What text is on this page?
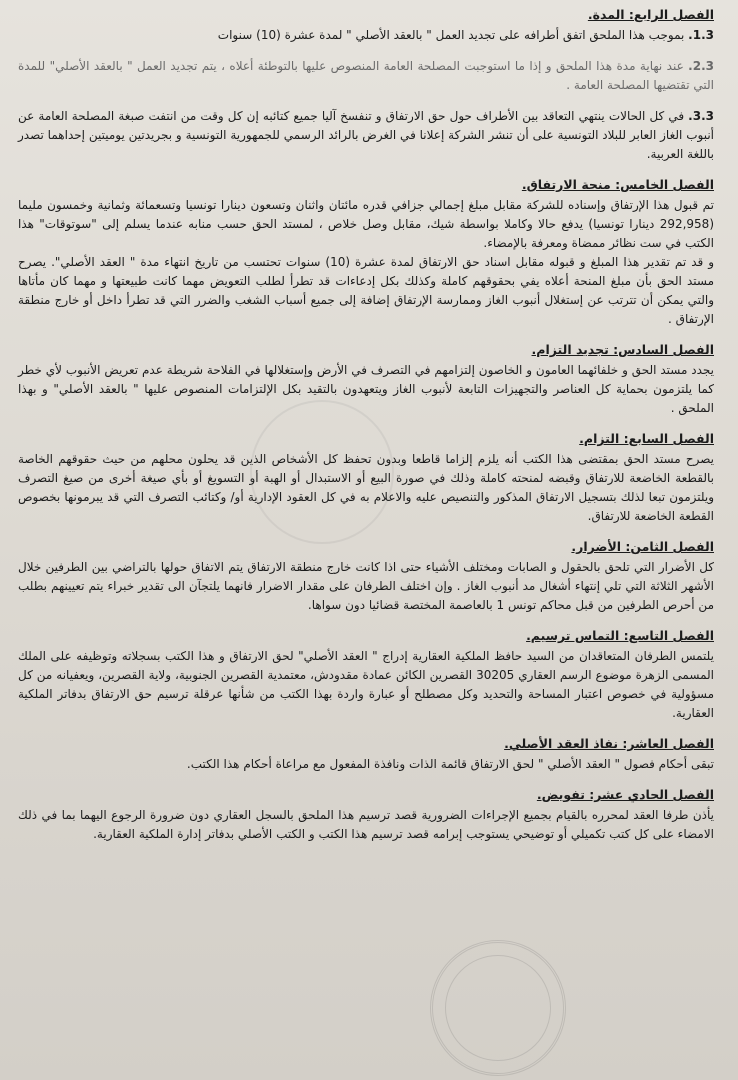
الفصل الرابع: المدة.

1.3. بموجب هذا الملحق اتفق أطرافه على تجديد العمل " بالعقد الأصلي " لمدة عشرة (10) سنوات

2.3. عند نهاية مدة هذا الملحق و إذا ما استوجبت المصلحة العامة المنصوص عليها بالتوطئة أعلاه ، يتم تجديد العمل " بالعقد الأصلي" للمدة التي تقتضيها المصلحة العامة .

3.3. في كل الحالات ينتهي التعاقد بين الأطراف حول حق الارتفاق و تنفسخ آليا جميع كتائبه إن كل وقت من انتفت صبغة المصلحة العامة عن أنبوب الغاز العابر للبلاد التونسية على أن تنشر الشركة إعلانا في الغرض بالرائد الرسمي للجمهورية التونسية و بجريدتين يوميتين إحداهما تصدر باللغة العربية.

الفصل الخامس: منحة الارتفاق.

تم قبول هذا الإرتفاق وإسناده للشركة مقابل مبلغ إجمالي جزافي قدره مائتان واثنان وتسعون دينارا تونسيا وتسعمائة وثمانية وخمسون مليما (292,958 دينارا تونسيا) يدفع حالا وكاملا بواسطة شيك، مقابل وصل خلاص ، لمستد الحق حسب منابه عندما يسلم إلى "سوتوقات" هذا الكتب في ست نظائر ممضاة ومعرفة بالإمضاء.

و قد تم تقدير هذا المبلغ و قبوله مقابل اسناد حق الارتفاق لمدة عشرة (10) سنوات تحتسب من تاريخ انتهاء مدة " العقد الأصلي". يصرح مستد الحق بأن مبلغ المنحة أعلاه يفي بحقوقهم كاملة وكذلك بكل إدعاءات قد تطرأ لطلب التعويض مهما كانت طبيعتها و مهما كان مأتاها والتي يمكن أن تترتب عن إستغلال أنبوب الغاز وممارسة الإرتفاق إضافة إلى جميع أسباب الشغب والضرر التي قد تطرأ داخل أو خارج منطقة الإرتفاق .

الفصل السادس: تجديد التزام.

يجدد مستد الحق و خلفائهما العامون و الخاصون إلتزامهم في التصرف في الأرض وإستغلالها في الفلاحة شريطة عدم تعريض الأنبوب لأي خطر كما يلتزمون بحماية كل العناصر والتجهيزات التابعة لأنبوب الغاز ويتعهدون بالتقيد بكل الإلتزامات المنصوص عليها " بالعقد الأصلي" و بهذا الملحق .

الفصل السابع: التزام.

يصرح مستد الحق بمقتضى هذا الكتب أنه يلزم إلزاما قاطعا وبدون تحفظ كل الأشخاص الذين قد يحلون محلهم من حيث حقوقهم الخاصة بالقطعة الخاضعة للارتفاق وقبضه لمنحته كاملة وذلك في صورة البيع أو الاستبدال أو الهبة أو التسويغ أو بأي صيغة أخرى من صيغ التصرف ويلتزمون تبعا لذلك بتسجيل الارتفاق المذكور والتنصيص عليه والاعلام به في كل العقود الإدارية أو/ وكتائب التصرف التي قد يبرمونها بخصوص القطعة الخاضعة للارتفاق.

الفصل الثامن: الأضرار.

كل الأضرار التي تلحق بالحقول و الصابات ومختلف الأشياء حتى اذا كانت خارج منطقة الارتفاق يتم الاتفاق حولها بالتراضي بين الطرفين خلال الأشهر الثلاثة التي تلي إنتهاء أشغال مد أنبوب الغاز . وإن اختلف الطرفان على مقدار الاضرار فانهما يلتجآن الى تقدير خبراء يتم تعيينهم بطلب من أحرص الطرفين من قبل محاكم تونس 1 بالعاصمة المختصة قضائيا دون سواها.

الفصل التاسع: التماس ترسيم.

يلتمس الطرفان المتعاقدان من السيد حافظ الملكية العقارية إدراج " العقد الأصلي" لحق الارتفاق و هذا الكتب بسجلاته وتوظيفه على الملك المسمى الزهرة موضوع الرسم العقاري 30205 القصرين الكائن عمادة مقدودش، معتمدية القصرين الجنوبية، ولاية القصرين، ويعفيانه من كل مسؤولية في خصوص اعتبار المساحة والتحديد وكل مصطلح أو عبارة واردة بهذا الكتب من شأنها عرقلة ترسيم حق الارتفاق بدفاتر الملكية العقارية.

الفصل العاشر: نفاذ العقد الأصلي.

تبقى أحكام فصول " العقد الأصلي " لحق الارتفاق قائمة الذات ونافذة المفعول مع مراعاة أحكام هذا الكتب.

الفصل الحادي عشر: تفويض.

يأذن طرفا العقد لمحرره بالقيام بجميع الإجراءات الضرورية قصد ترسيم هذا الملحق بالسجل العقاري دون ضرورة الرجوع اليهما بما في ذلك الامضاء على كل كتب تكميلي أو توضيحي يستوجب إبرامه قصد ترسيم هذا الكتب و الكتب الأصلي بدفاتر إدارة الملكية العقارية.
